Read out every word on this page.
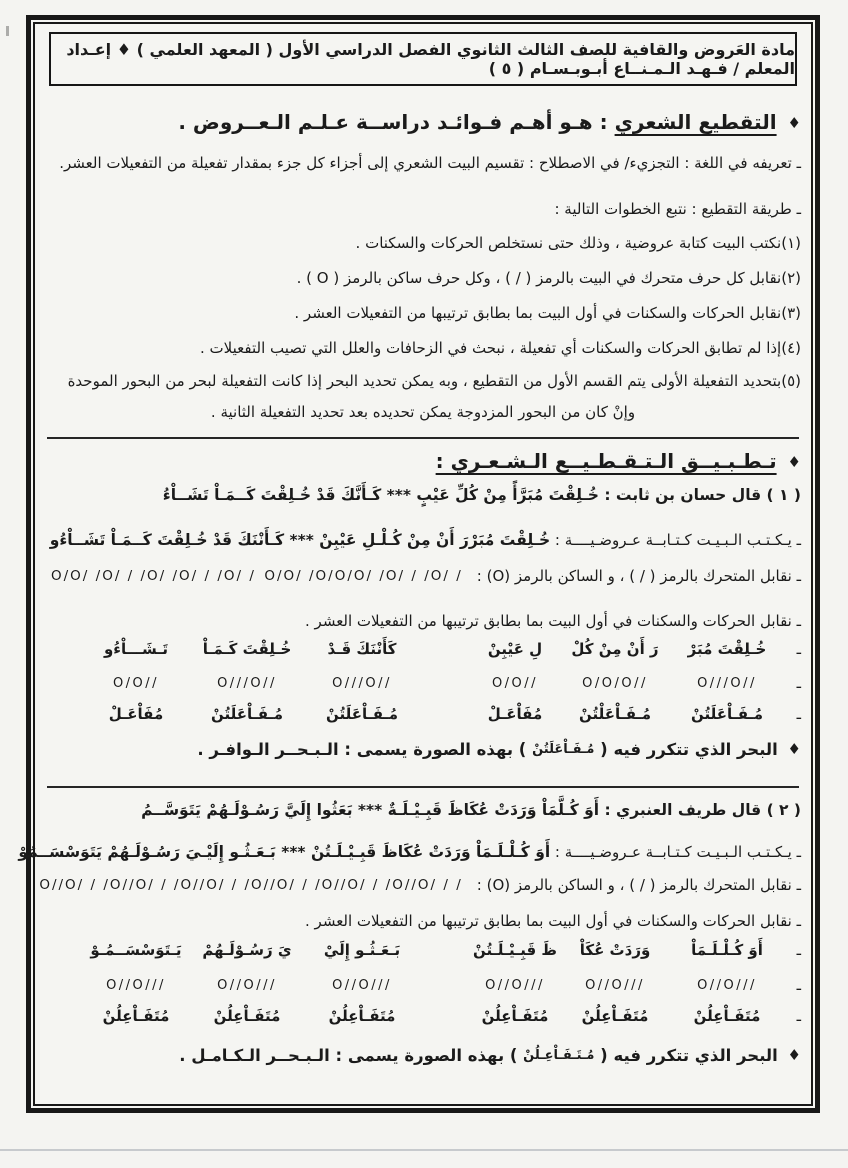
مادة العَروض والقافية للصف الثالث الثانوي الفصل الدراسي الأول ( المعهد العلمي ) ♦ إعـداد المعلم / فـهـد الـمـنــاع أبـوبـسـام ( ٥ )
♦ التقطيع الشعري : هـو أهـم فـوائـد دراســة عـلـم الـعــروض .
ـ تعريفه في اللغة : التجزيء/ في الاصطلاح : تقسيم البيت الشعري إلى أجزاء كل جزء بمقدار تفعيلة من التفعيلات العشر.
ـ طريقة التقطيع : نتبع الخطوات التالية :
(١)نكتب البيت كتابة عروضية ، وذلك حتى نستخلص الحركات والسكنات .
(٢)نقابل كل حرف متحرك في البيت بالرمز ( / ) ، وكل حرف ساكن بالرمز ( O ) .
(٣)نقابل الحركات والسكنات في أول البيت بما بطابق ترتيبها من التفعيلات العشر .
(٤)إذا لم تطابق الحركات والسكنات أي تفعيلة ، نبحث في الزحافات والعلل التي تصيب التفعيلات .
(٥)بتحديد التفعيلة الأولى يتم القسم الأول من التقطيع ، وبه يمكن تحديد البحر إذا كانت التفعيلة لبحر من البحور الموحدة
وإنْ كان من البحور المزدوجة يمكن تحديده بعد تحديد التفعيلة الثانية .
♦ تـطـبـيــق الـتـقـطـيــع الـشـعـري :
( ١ ) قال حسان بن ثابت : خُـلِقْتَ مُبَرَّأً مِنْ كُلِّ عَيْبٍ *** كَـأَنَّكَ قَدْ خُـلِقْتَ كَــمَـاْ تَشَــاْءُ
ـ يـكـتـب الـبـيـت كـتـابــة عـروضـيــــة : خُـلِقْتَ مُبَرْرَ أَنْ مِنْ كُـلْـلِ عَيْبِنْ *** كَـأَنْنَكَ قَدْ خُـلِقْتَ كَــمَـاْ تَشَــاْءُو
ـ نقابل المتحرك بالرمز ( / ) ، و الساكن بالرمز (O) :
O/O/ /O/O/O/ /O/ / /O/ /
O/O/ /O/ / /O/ /O/ / /O/ /
ـ نقابل الحركات والسكنات في أول البيت بما بطابق ترتيبها من التفعيلات العشر .
ـ
خُـلِقْتَ مُبَرْ
رَ أَنْ مِنْ كُلْ
لِ عَيْبِنْ
كَأَنْنَكَ قَـدْ
خُـلِقْتَ كَـمَـاْ
تَـشَـــاْءُو
ـ
O///O//
O/O/O//
O/O//
O///O//
O///O//
O/O//
ـ
مُـفَـاْعَلَتُنْ
مُـفَـاْعَلْتُنْ
مُفَاْعَـلْ
مُـفَـاْعَلَتُنْ
مُـفَـاْعَلَتُنْ
مُفَاْعَـلْ
♦ البحر الذي تتكرر فيه ( مُـفَـاْعَلَتُنْ ) بهذه الصورة يسمى : الـبـحــر الـوافـر .
( ٢ ) قال طريف العنبري : أَوَ كُـلَّمَاْ وَرَدَتْ عُكَاظَ قَبِـيْـلَـةٌ *** بَعَثُوا إِلَيَّ رَسُـوْلَـهُمْ يَتَوَسَّــمُ
ـ يـكـتـب الـبـيـت كـتـابــة عـروضـيــــة : أَوَ كُـلْـلَـمَاْ وَرَدَتْ عُكَاظَ قَبِـيْـلَـتُنْ *** بَـعَـثُـو إِلَيْـيَ رَسُـوْلَـهُمْ يَتَوَسْسَــمُوْ
ـ نقابل المتحرك بالرمز ( / ) ، و الساكن بالرمز (O) :
O//O/ / /O//O/ / /O//O/ / /
O//O/ / /O//O/ / /O//O/ / /
ـ نقابل الحركات والسكنات في أول البيت بما بطابق ترتيبها من التفعيلات العشر .
ـ
أَوَ كُـلْـلَـمَاْ
وَرَدَتْ عُكَاْ
ظَ قَبِـيْـلَـتُنْ
بَـعَـثُـو إِلَيْ
يَ رَسُـوْلَـهُمْ
يَـتَوَسْسَــمُـوْ
ـ
O//O///
O//O///
O//O///
O//O///
O//O///
O//O///
ـ
مُتَفَـاْعِلُنْ
مُتَفَـاْعِلُنْ
مُتَفَـاْعِلُنْ
مُتَفَـاْعِلُنْ
مُتَفَـاْعِلُنْ
مُتَفَـاْعِلُنْ
♦ البحر الذي تتكرر فيه ( مُـتَـفَـاْعِـلُنْ ) بهذه الصورة يسمى : الـبـحــر الـكـامـل .
